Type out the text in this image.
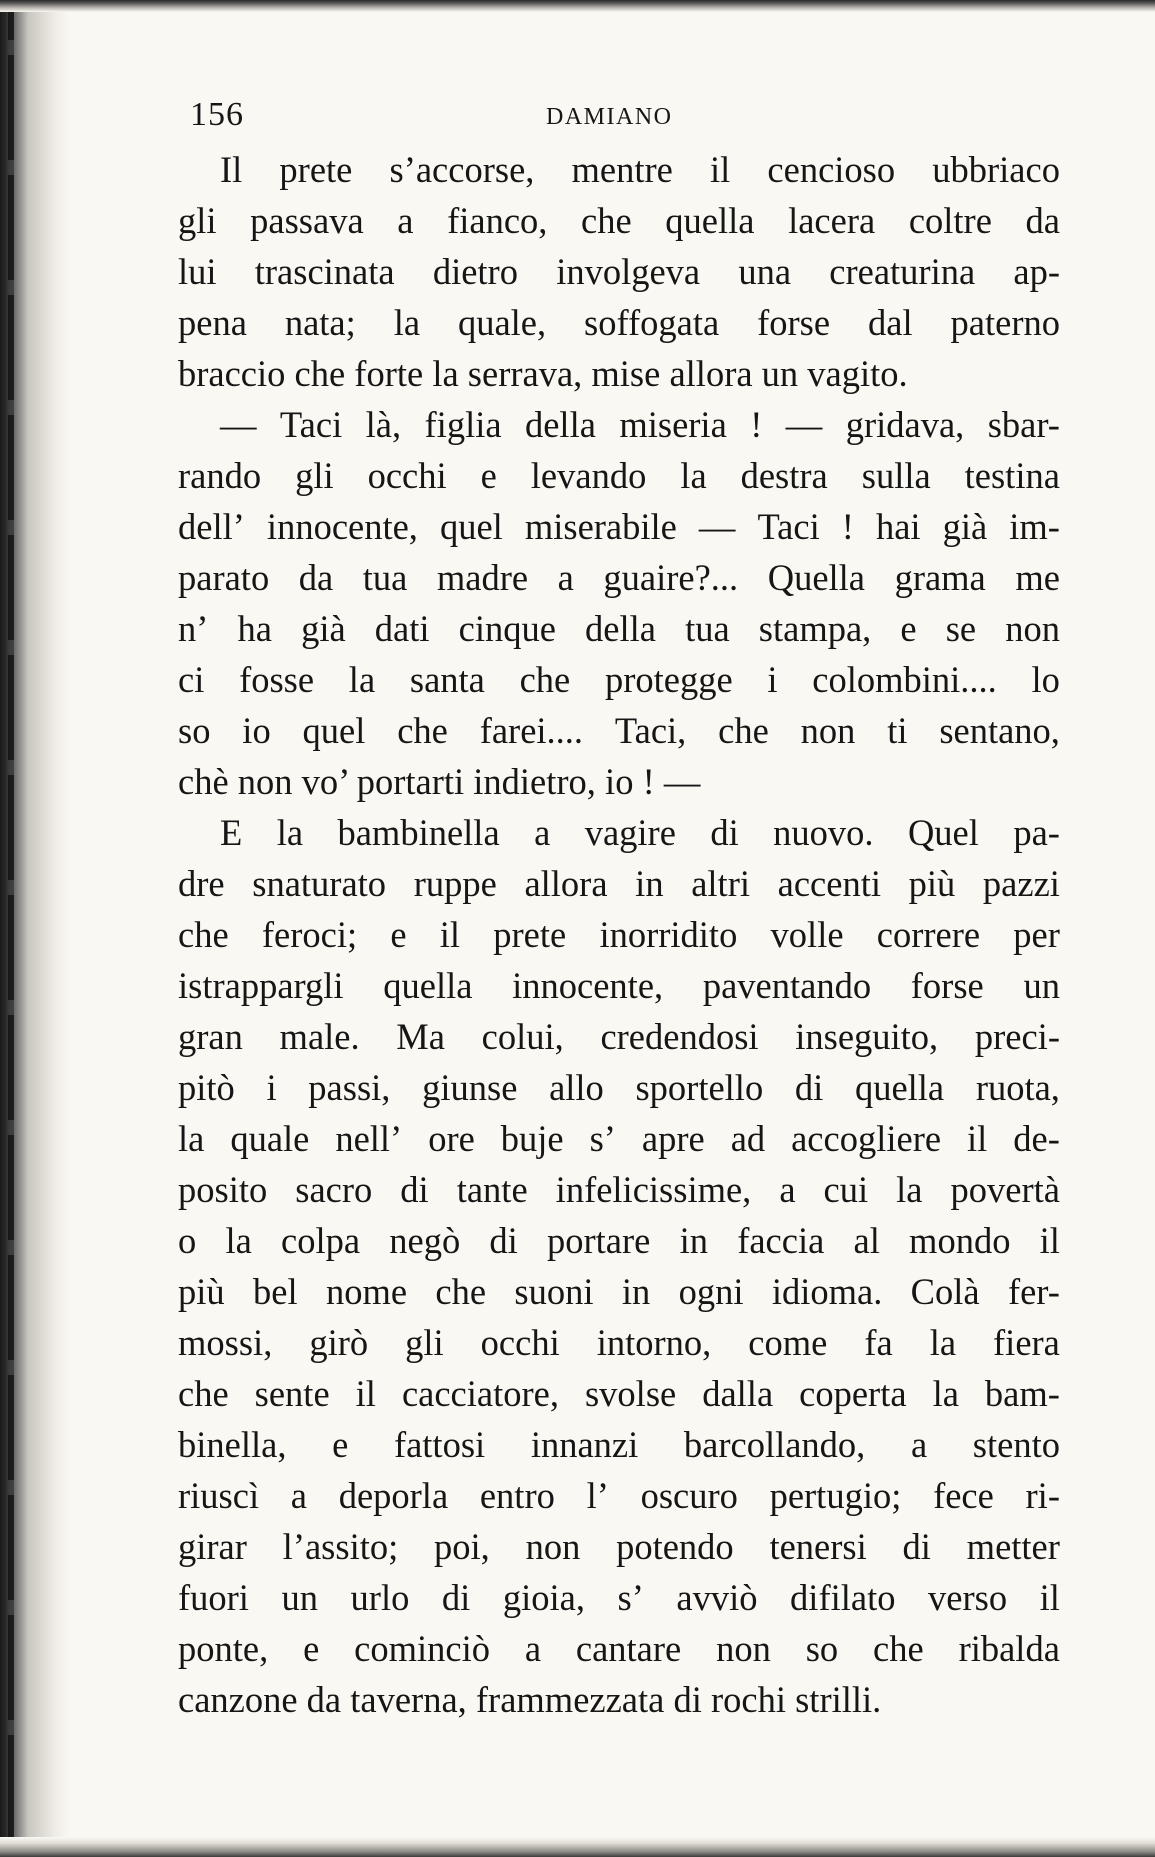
156	DAMIANO
Il prete s’accorse, mentre il cencioso ubbriaco
gli passava a fianco, che quella lacera coltre da
lui trascinata dietro involgeva una creaturina ap-
pena nata; la quale, soffogata forse dal paterno
braccio che forte la serrava, mise allora un vagito.
— Taci là, figlia della miseria ! — gridava, sbar-
rando gli occhi e levando la destra sulla testina
dell’ innocente, quel miserabile — Taci ! hai già im-
parato da tua madre a guaire?... Quella grama me
n’ ha già dati cinque della tua stampa, e se non
ci fosse la santa che protegge i colombini.... lo
so io quel che farei.... Taci, che non ti sentano,
chè non vo’ portarti indietro, io ! —
E la bambinella a vagire di nuovo. Quel pa-
dre snaturato ruppe allora in altri accenti più pazzi
che feroci; e il prete inorridito volle correre per
istrappargli quella innocente, paventando forse un
gran male. Ma colui, credendosi inseguito, preci-
pitò i passi, giunse allo sportello di quella ruota,
la quale nell’ ore buje s’ apre ad accogliere il de-
posito sacro di tante infelicissime, a cui la povertà
o la colpa negò di portare in faccia al mondo il
più bel nome che suoni in ogni idioma. Colà fer-
mossi, girò gli occhi intorno, come fa la fiera
che sente il cacciatore, svolse dalla coperta la bam-
binella, e fattosi innanzi barcollando, a stento
riuscì a deporla entro l’ oscuro pertugio; fece ri-
girar l’assito; poi, non potendo tenersi di metter
fuori un urlo di gioia, s’ avviò difilato verso il
ponte, e cominciò a cantare non so che ribalda
canzone da taverna, frammezzata di rochi strilli.
